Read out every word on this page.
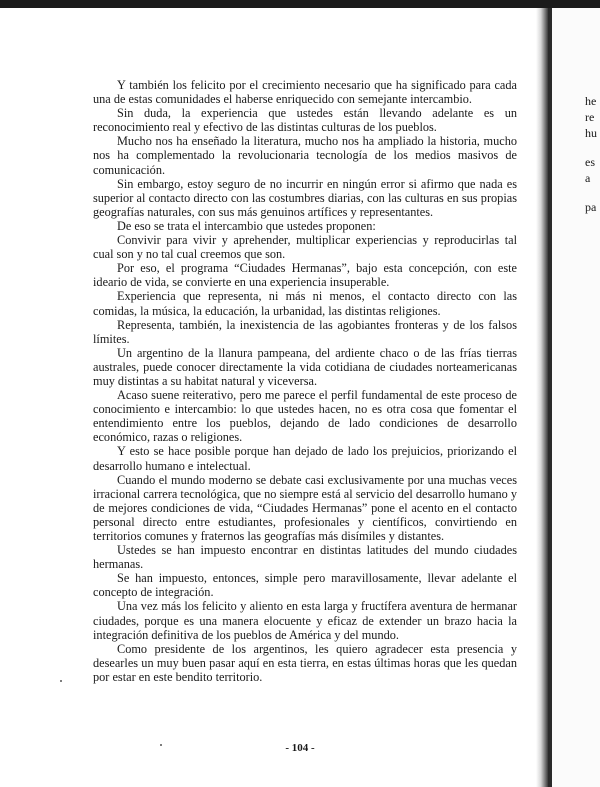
he
re
hu
es
a
pa

Y también los felicito por el crecimiento necesario que ha significado para cada una de estas comunidades el haberse enriquecido con semejante intercambio.

Sin duda, la experiencia que ustedes están llevando adelante es un reconocimiento real y efectivo de las distintas culturas de los pueblos.

Mucho nos ha enseñado la literatura, mucho nos ha ampliado la historia, mucho nos ha complementado la revolucionaria tecnología de los medios masivos de comunicación.

Sin embargo, estoy seguro de no incurrir en ningún error si afirmo que nada es superior al contacto directo con las costumbres diarias, con las culturas en sus propias geografías naturales, con sus más genuinos artífices y representantes.

De eso se trata el intercambio que ustedes proponen:

Convivir para vivir y aprehender, multiplicar experiencias y reproducirlas tal cual son y no tal cual creemos que son.

Por eso, el programa “Ciudades Hermanas”, bajo esta concepción, con este ideario de vida, se convierte en una experiencia insuperable.

Experiencia que representa, ni más ni menos, el contacto directo con las comidas, la música, la educación, la urbanidad, las distintas religiones.

Representa, también, la inexistencia de las agobiantes fronteras y de los falsos límites.

Un argentino de la llanura pampeana, del ardiente chaco o de las frías tierras australes, puede conocer directamente la vida cotidiana de ciudades norteamericanas muy distintas a su habitat natural y viceversa.

Acaso suene reiterativo, pero me parece el perfil fundamental de este proceso de conocimiento e intercambio: lo que ustedes hacen, no es otra cosa que fomentar el entendimiento entre los pueblos, dejando de lado condiciones de desarrollo económico, razas o religiones.

Y esto se hace posible porque han dejado de lado los prejuicios, priorizando el desarrollo humano e intelectual.

Cuando el mundo moderno se debate casi exclusivamente por una muchas veces irracional carrera tecnológica, que no siempre está al servicio del desarrollo humano y de mejores condiciones de vida, “Ciudades Hermanas” pone el acento en el contacto personal directo entre estudiantes, profesionales y científicos, convirtiendo en territorios comunes y fraternos las geografías más disímiles y distantes.

Ustedes se han impuesto encontrar en distintas latitudes del mundo ciudades hermanas.

Se han impuesto, entonces, simple pero maravillosamente, llevar adelante el concepto de integración.

Una vez más los felicito y aliento en esta larga y fructífera aventura de hermanar ciudades, porque es una manera elocuente y eficaz de extender un brazo hacia la integración definitiva de los pueblos de América y del mundo.

Como presidente de los argentinos, les quiero agradecer esta presencia y desearles un muy buen pasar aquí en esta tierra, en estas últimas horas que les quedan por estar en este bendito territorio.

- 104 -
